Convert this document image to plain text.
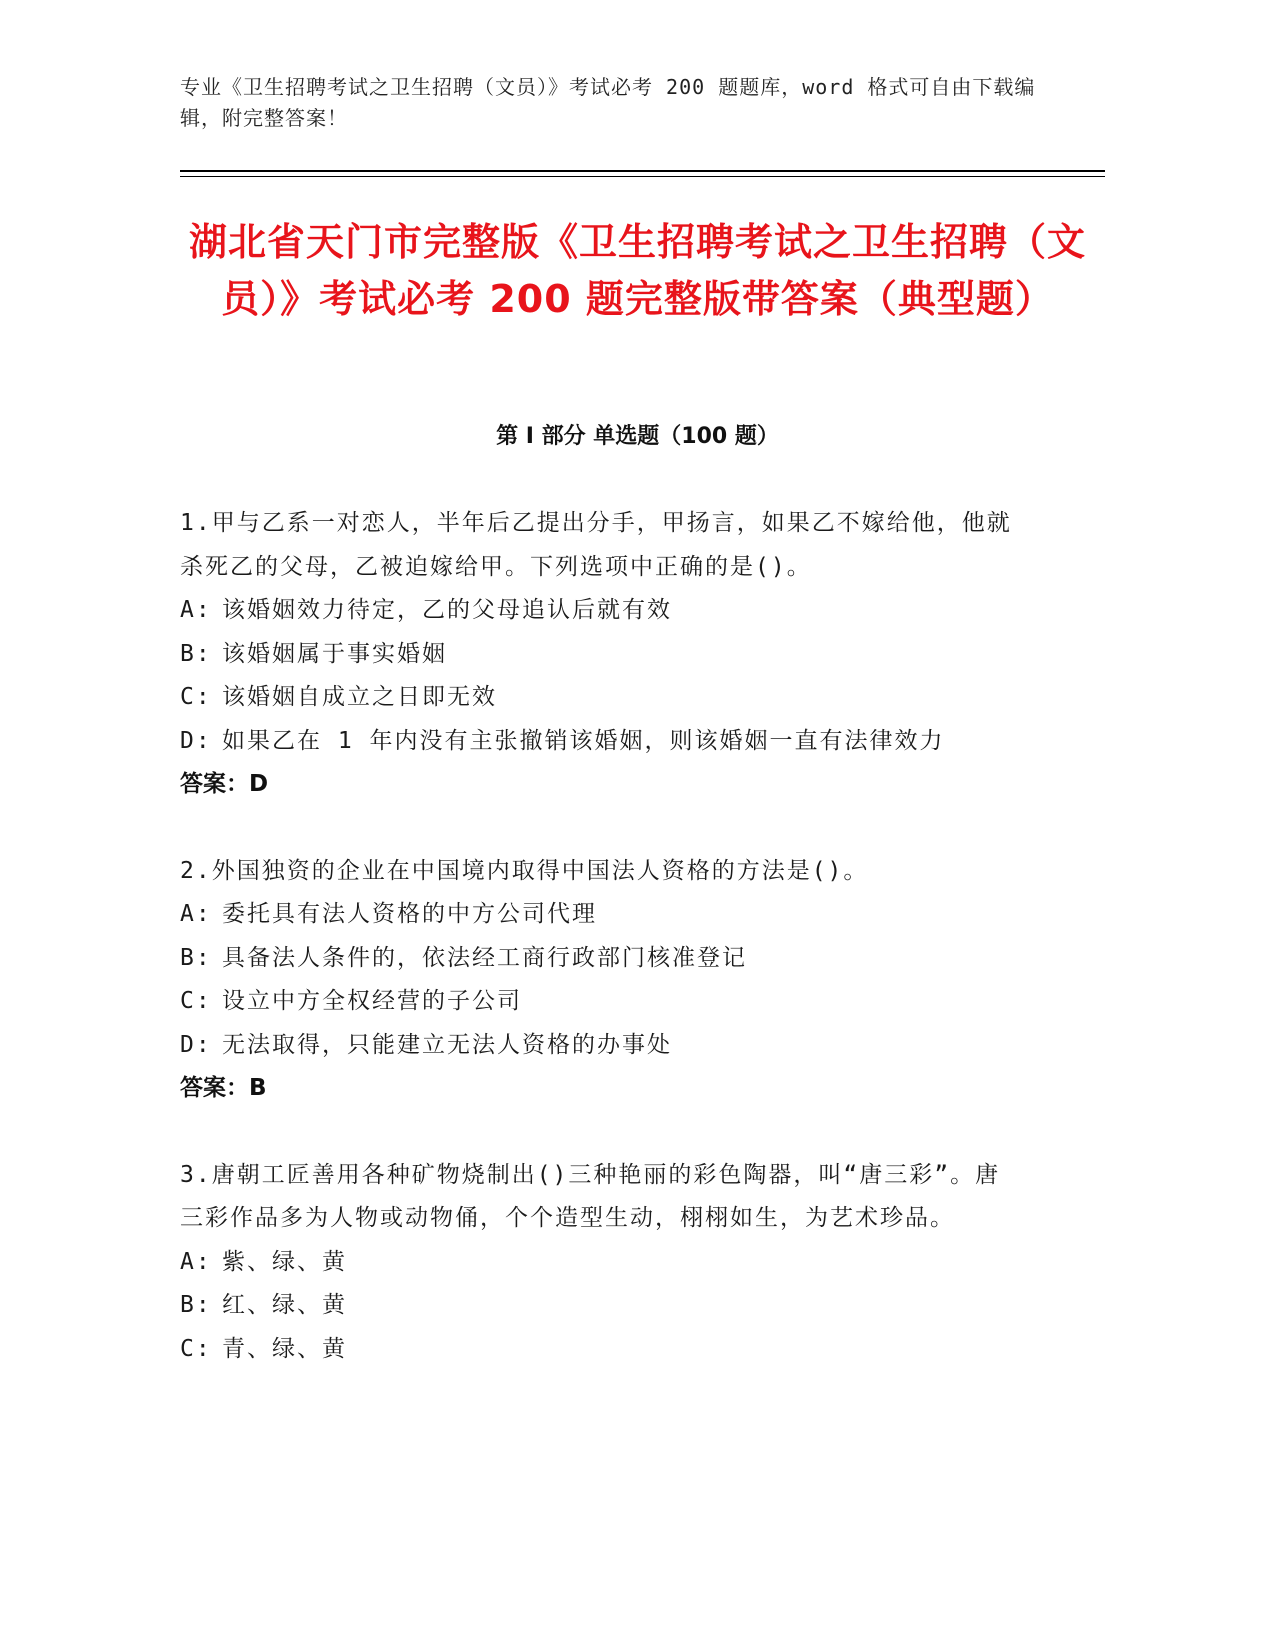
专业《卫生招聘考试之卫生招聘（文员）》考试必考 200 题题库，word 格式可自由下载编辑，附完整答案！
湖北省天门市完整版《卫生招聘考试之卫生招聘（文员）》考试必考 200 题完整版带答案（典型题）
第 I 部分 单选题（100 题）
1.甲与乙系一对恋人，半年后乙提出分手，甲扬言，如果乙不嫁给他，他就杀死乙的父母，乙被迫嫁给甲。下列选项中正确的是()。
A: 该婚姻效力待定，乙的父母追认后就有效
B: 该婚姻属于事实婚姻
C: 该婚姻自成立之日即无效
D: 如果乙在 1 年内没有主张撤销该婚姻，则该婚姻一直有法律效力
答案：D
2.外国独资的企业在中国境内取得中国法人资格的方法是()。
A: 委托具有法人资格的中方公司代理
B: 具备法人条件的，依法经工商行政部门核准登记
C: 设立中方全权经营的子公司
D: 无法取得，只能建立无法人资格的办事处
答案：B
3.唐朝工匠善用各种矿物烧制出()三种艳丽的彩色陶器，叫“唐三彩”。唐三彩作品多为人物或动物俑，个个造型生动，栩栩如生，为艺术珍品。
A: 紫、绿、黄
B: 红、绿、黄
C: 青、绿、黄
